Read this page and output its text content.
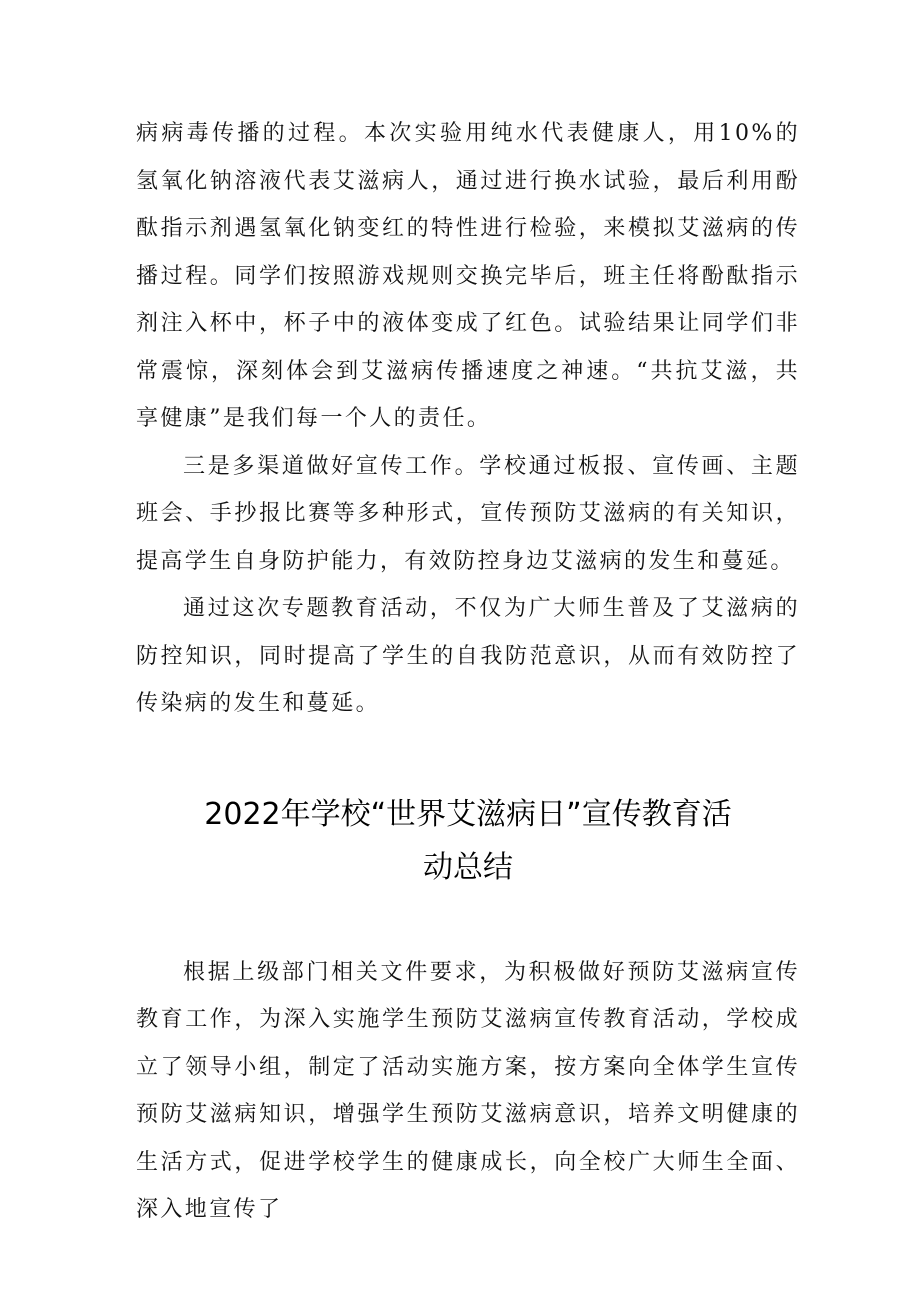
病病毒传播的过程。本次实验用纯水代表健康人，用10%的氢氧化钠溶液代表艾滋病人，通过进行换水试验，最后利用酚酞指示剂遇氢氧化钠变红的特性进行检验，来模拟艾滋病的传播过程。同学们按照游戏规则交换完毕后，班主任将酚酞指示剂注入杯中，杯子中的液体变成了红色。试验结果让同学们非常震惊，深刻体会到艾滋病传播速度之神速。“共抗艾滋，共享健康”是我们每一个人的责任。

三是多渠道做好宣传工作。学校通过板报、宣传画、主题班会、手抄报比赛等多种形式，宣传预防艾滋病的有关知识，提高学生自身防护能力，有效防控身边艾滋病的发生和蔓延。

通过这次专题教育活动，不仅为广大师生普及了艾滋病的防控知识，同时提高了学生的自我防范意识，从而有效防控了传染病的发生和蔓延。

2022年学校“世界艾滋病日”宣传教育活
动总结

根据上级部门相关文件要求，为积极做好预防艾滋病宣传教育工作，为深入实施学生预防艾滋病宣传教育活动，学校成立了领导小组，制定了活动实施方案，按方案向全体学生宣传预防艾滋病知识，增强学生预防艾滋病意识，培养文明健康的生活方式，促进学校学生的健康成长，向全校广大师生全面、深入地宣传了
